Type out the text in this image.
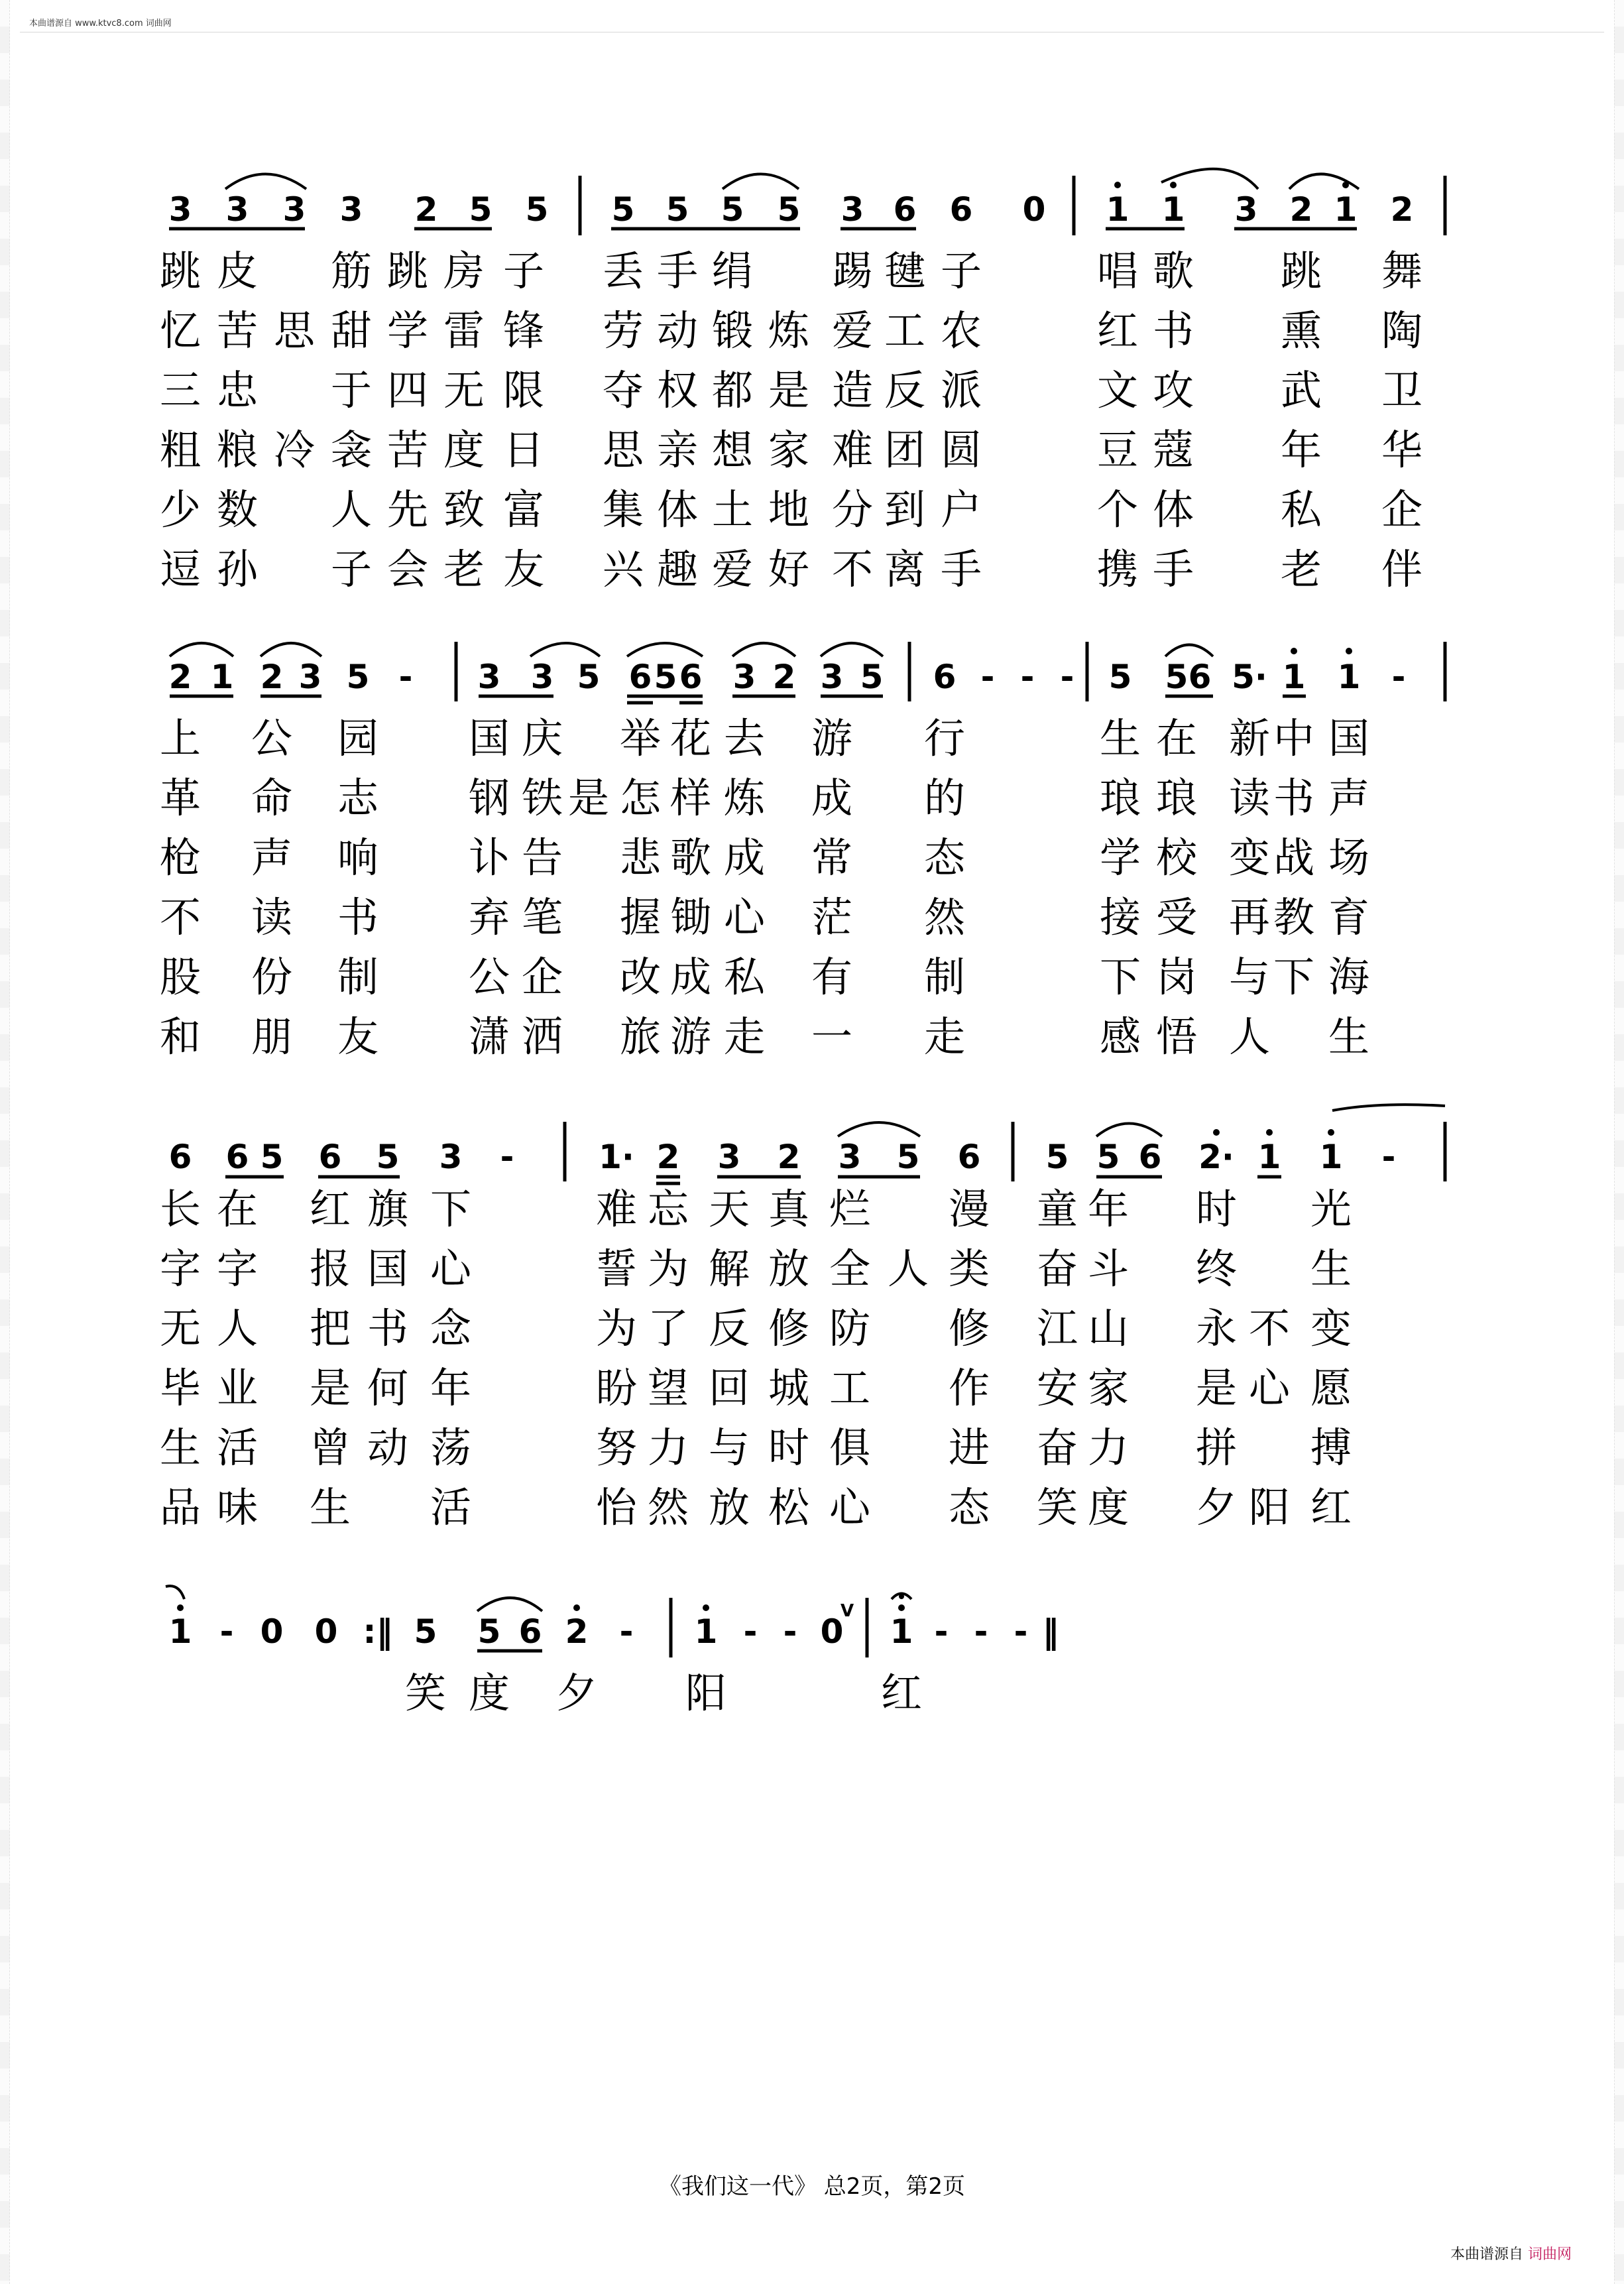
本曲谱源自 www.ktvc8.com 词曲网
3 3 3 3 2 5 5 5 5 5 5 3 6 6 0 1 1 3 2 1 2
跳 皮 筋 跳 房 子 丢 手 绢 踢 毽 子	唱 歌 跳 舞
忆 苦 思 甜 学 雷 锋 劳 动 锻 炼 爱 工 农	红 书 熏 陶
三 忠 于 四 无 限 夺 权 都 是 造 反 派	文 攻 武 卫
粗 粮 冷 衾 苦 度 日 思 亲 想 家 难 团 圆	豆 蔻 年 华
少 数 人 先 致 富 集 体 土 地 分 到 户	个 体 私 企
逗 孙 子 会 老 友 兴 趣 爱 好 不 离 手	携 手 老 伴
2 1 2 3 5 - 3 3 5 6 5 6 3 2 3 5 6 - - - 5 5 6 5· 1 1 -
上 公 园 国 庆 举 花 去 游 行	生 在 新 中 国
革 命 志 钢 铁 是 怎 样 炼 成 的	琅 琅 读 书 声
枪 声 响 讣 告 悲 歌 成 常 态	学 校 变 战 场
不 读 书 弃 笔 握 锄 心 茫 然	接 受 再 教 育
股 份 制 公 企 改 成 私 有 制	下 岗 与 下 海
和 朋 友 潇 洒 旅 游 走 一 走	感 悟 人 生
6 6 5 6 5 3 -	1· 2 3 2 3 5 6 5 5 6 2· 1 1 -
长 在 红 旗 下	难 忘 天 真 烂 漫 童 年 时 光
字 字 报 国 心	誓 为 解 放 全 人 类 奋 斗 终 生
无 人 把 书 念	为 了 反 修 防 修 江 山 永 不 变
毕 业 是 何 年	盼 望 回 城 工 作 安 家 是 心 愿
生 活 曾 动 荡	努 力 与 时 俱 进 奋 力 拼 搏
品 味 生 活	怡 然 放 松 心 态 笑 度 夕 阳 红
1 - 0 0 :‖ 5 5 6 2 - 1 - - 0
V
1 - - - ‖
笑 度 夕 阳	红
《我们这一代》 总2页，第2页
本曲谱源自 词曲网
